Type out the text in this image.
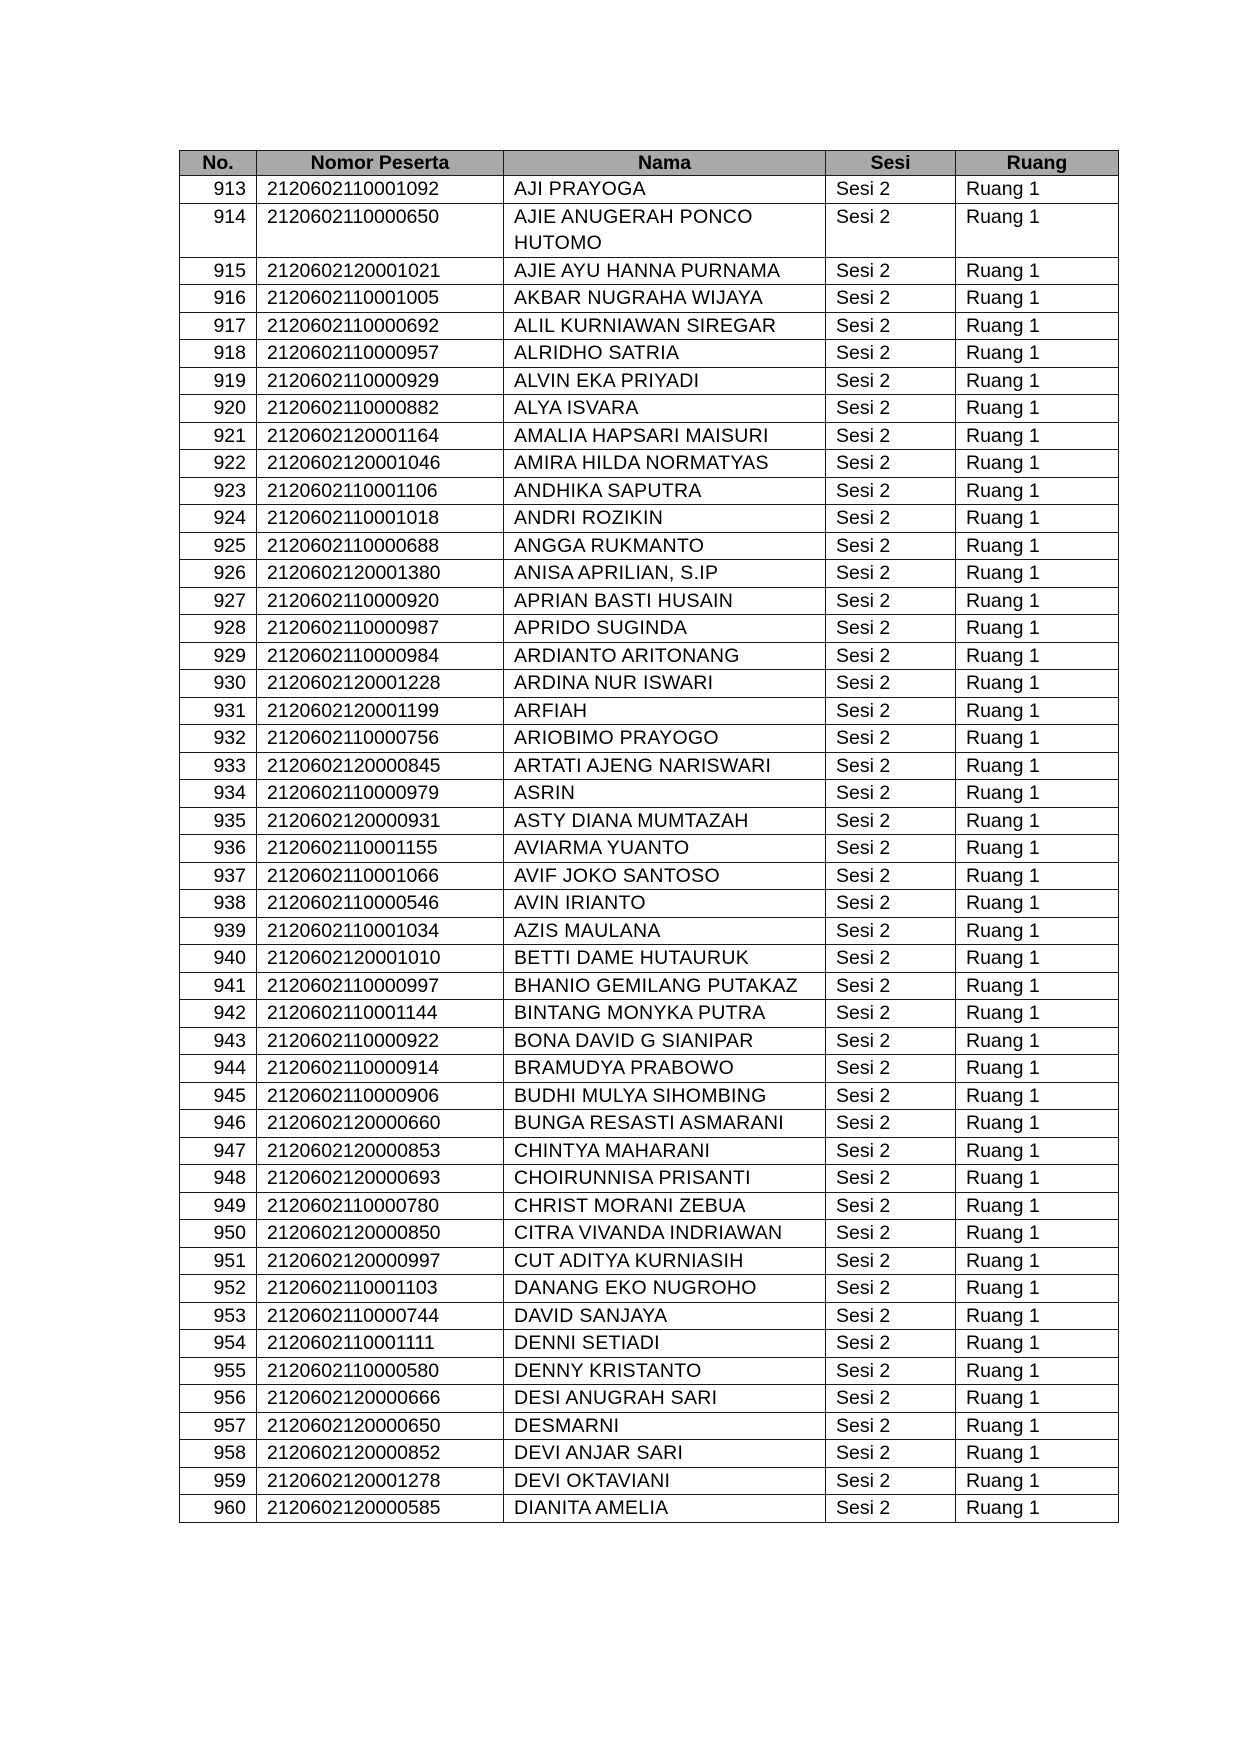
No.	Nomor Peserta	Nama	Sesi	Ruang
913	2120602110001092	AJI PRAYOGA	Sesi 2	Ruang 1
914	2120602110000650	AJIE ANUGERAH PONCO HUTOMO	Sesi 2	Ruang 1
915	2120602120001021	AJIE AYU HANNA PURNAMA	Sesi 2	Ruang 1
916	2120602110001005	AKBAR NUGRAHA WIJAYA	Sesi 2	Ruang 1
917	2120602110000692	ALIL KURNIAWAN SIREGAR	Sesi 2	Ruang 1
918	2120602110000957	ALRIDHO SATRIA	Sesi 2	Ruang 1
919	2120602110000929	ALVIN EKA PRIYADI	Sesi 2	Ruang 1
920	2120602110000882	ALYA ISVARA	Sesi 2	Ruang 1
921	2120602120001164	AMALIA HAPSARI MAISURI	Sesi 2	Ruang 1
922	2120602120001046	AMIRA HILDA NORMATYAS	Sesi 2	Ruang 1
923	2120602110001106	ANDHIKA SAPUTRA	Sesi 2	Ruang 1
924	2120602110001018	ANDRI ROZIKIN	Sesi 2	Ruang 1
925	2120602110000688	ANGGA RUKMANTO	Sesi 2	Ruang 1
926	2120602120001380	ANISA APRILIAN, S.IP	Sesi 2	Ruang 1
927	2120602110000920	APRIAN BASTI HUSAIN	Sesi 2	Ruang 1
928	2120602110000987	APRIDO SUGINDA	Sesi 2	Ruang 1
929	2120602110000984	ARDIANTO ARITONANG	Sesi 2	Ruang 1
930	2120602120001228	ARDINA NUR ISWARI	Sesi 2	Ruang 1
931	2120602120001199	ARFIAH	Sesi 2	Ruang 1
932	2120602110000756	ARIOBIMO PRAYOGO	Sesi 2	Ruang 1
933	2120602120000845	ARTATI AJENG NARISWARI	Sesi 2	Ruang 1
934	2120602110000979	ASRIN	Sesi 2	Ruang 1
935	2120602120000931	ASTY DIANA MUMTAZAH	Sesi 2	Ruang 1
936	2120602110001155	AVIARMA YUANTO	Sesi 2	Ruang 1
937	2120602110001066	AVIF JOKO SANTOSO	Sesi 2	Ruang 1
938	2120602110000546	AVIN IRIANTO	Sesi 2	Ruang 1
939	2120602110001034	AZIS MAULANA	Sesi 2	Ruang 1
940	2120602120001010	BETTI DAME HUTAURUK	Sesi 2	Ruang 1
941	2120602110000997	BHANIO GEMILANG PUTAKAZ	Sesi 2	Ruang 1
942	2120602110001144	BINTANG MONYKA PUTRA	Sesi 2	Ruang 1
943	2120602110000922	BONA DAVID G SIANIPAR	Sesi 2	Ruang 1
944	2120602110000914	BRAMUDYA PRABOWO	Sesi 2	Ruang 1
945	2120602110000906	BUDHI MULYA SIHOMBING	Sesi 2	Ruang 1
946	2120602120000660	BUNGA RESASTI ASMARANI	Sesi 2	Ruang 1
947	2120602120000853	CHINTYA MAHARANI	Sesi 2	Ruang 1
948	2120602120000693	CHOIRUNNISA PRISANTI	Sesi 2	Ruang 1
949	2120602110000780	CHRIST MORANI ZEBUA	Sesi 2	Ruang 1
950	2120602120000850	CITRA VIVANDA INDRIAWAN	Sesi 2	Ruang 1
951	2120602120000997	CUT ADITYA KURNIASIH	Sesi 2	Ruang 1
952	2120602110001103	DANANG EKO NUGROHO	Sesi 2	Ruang 1
953	2120602110000744	DAVID SANJAYA	Sesi 2	Ruang 1
954	2120602110001111	DENNI SETIADI	Sesi 2	Ruang 1
955	2120602110000580	DENNY KRISTANTO	Sesi 2	Ruang 1
956	2120602120000666	DESI ANUGRAH SARI	Sesi 2	Ruang 1
957	2120602120000650	DESMARNI	Sesi 2	Ruang 1
958	2120602120000852	DEVI ANJAR SARI	Sesi 2	Ruang 1
959	2120602120001278	DEVI OKTAVIANI	Sesi 2	Ruang 1
960	2120602120000585	DIANITA AMELIA	Sesi 2	Ruang 1
